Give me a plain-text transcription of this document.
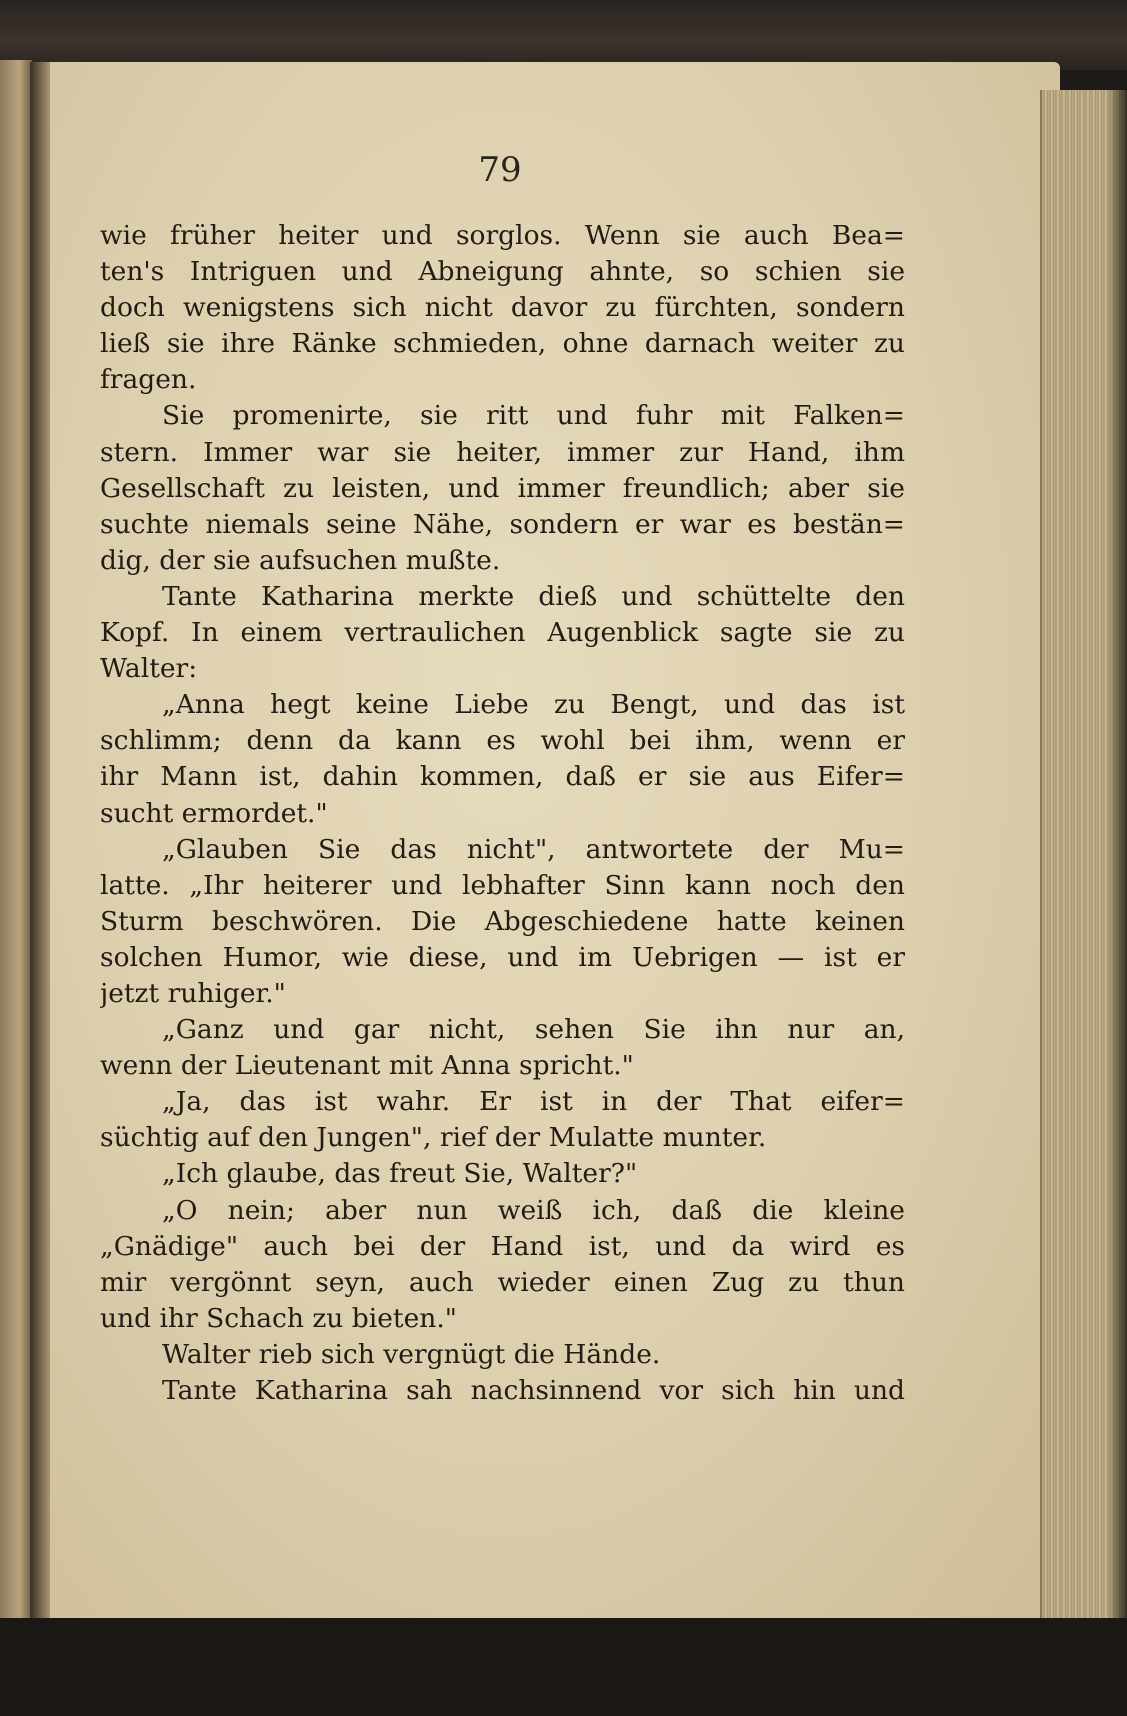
79
wie früher heiter und sorglos. Wenn sie auch Bea=
ten's Intriguen und Abneigung ahnte, so schien sie
doch wenigstens sich nicht davor zu fürchten, sondern
ließ sie ihre Ränke schmieden, ohne darnach weiter zu
fragen.
Sie promenirte, sie ritt und fuhr mit Falken=
stern. Immer war sie heiter, immer zur Hand, ihm
Gesellschaft zu leisten, und immer freundlich; aber sie
suchte niemals seine Nähe, sondern er war es bestän=
dig, der sie aufsuchen mußte.
Tante Katharina merkte dieß und schüttelte den
Kopf. In einem vertraulichen Augenblick sagte sie zu
Walter:
„Anna hegt keine Liebe zu Bengt, und das ist
schlimm; denn da kann es wohl bei ihm, wenn er
ihr Mann ist, dahin kommen, daß er sie aus Eifer=
sucht ermordet."
„Glauben Sie das nicht", antwortete der Mu=
latte. „Ihr heiterer und lebhafter Sinn kann noch den
Sturm beschwören. Die Abgeschiedene hatte keinen
solchen Humor, wie diese, und im Uebrigen — ist er
jetzt ruhiger."
„Ganz und gar nicht, sehen Sie ihn nur an,
wenn der Lieutenant mit Anna spricht."
„Ja, das ist wahr. Er ist in der That eifer=
süchtig auf den Jungen", rief der Mulatte munter.
„Ich glaube, das freut Sie, Walter?"
„O nein; aber nun weiß ich, daß die kleine
„Gnädige" auch bei der Hand ist, und da wird es
mir vergönnt seyn, auch wieder einen Zug zu thun
und ihr Schach zu bieten."
Walter rieb sich vergnügt die Hände.
Tante Katharina sah nachsinnend vor sich hin und
